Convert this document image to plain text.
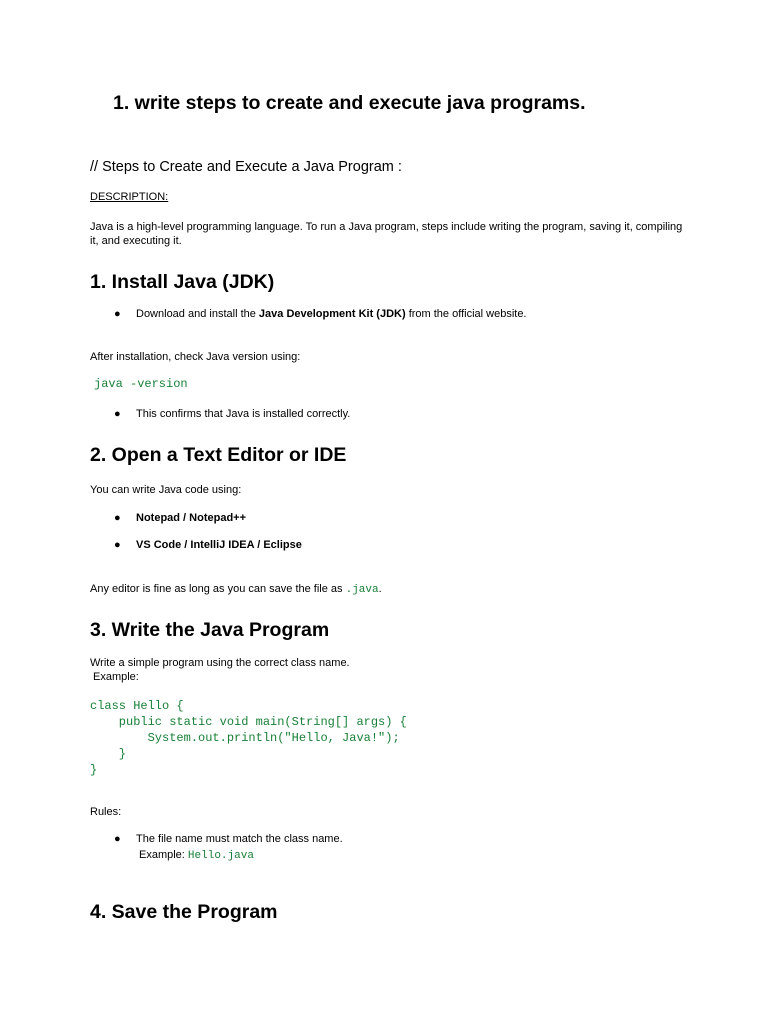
1. write steps to create and execute java programs.
// Steps to Create and Execute a Java Program :
DESCRIPTION:
Java is a high-level programming language. To run a Java program, steps include writing the program, saving it, compiling it, and executing it.
1. Install Java (JDK)
● Download and install the Java Development Kit (JDK) from the official website.
After installation, check Java version using:
java -version
● This confirms that Java is installed correctly.
2. Open a Text Editor or IDE
You can write Java code using:
● Notepad / Notepad++
● VS Code / IntelliJ IDEA / Eclipse
Any editor is fine as long as you can save the file as .java.
3. Write the Java Program
Write a simple program using the correct class name.
Example:
class Hello {
public static void main(String[] args) {
System.out.println("Hello, Java!");
}
}
Rules:
● The file name must match the class name.
Example: Hello.java
4. Save the Program
